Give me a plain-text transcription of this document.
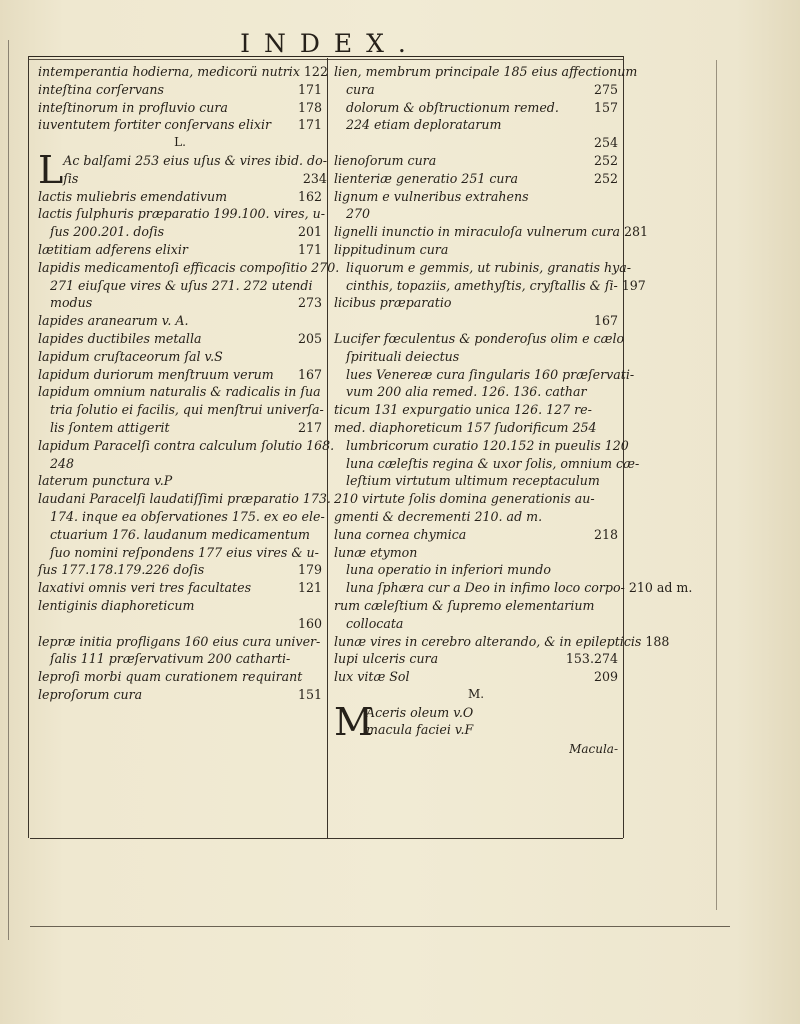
INDEX.
intemperantia hodierna, medicorü nutrix 122
inteſtina corſervans	171
inteſtinorum in profluvio cura	178
iuventutem fortiter conſervans elixir 171
L.
L Ac balſami 253 eius uſus & vires ibid. do-
ſis	234
lactis muliebris emendativum	162
lactis ſulphuris præparatio 199.100. vires, u-
ſus 200.201. doſis	201
lætitiam adferens elixir	171
lapidis medicamentoſi efficacis compoſitio 270.
271 eiuſque vires & uſus 271. 272 utendi
modus	273
lapides aranearum v. A.
lapides ductibiles metalla	205
lapidum cruſtaceorum ſal v.S
lapidum duriorum menſtruum verum 167
lapidum omnium naturalis & radicalis in ſua
tria ſolutio ei facilis, qui menſtrui univerſa-
lis ſontem attigerit	217
lapidum Paracelſi contra calculum ſolutio 168.
248
laterum punctura v.P
laudani Paracelſi laudatiſſimi præparatio 173.
174. inque ea obſervationes 175. ex eo ele-
ctuarium 176. laudanum medicamentum
ſuo nomini reſpondens 177 eius vires & u-
ſus 177.178.179.226 doſis	179
laxativi omnis veri tres facultates	121
lentiginis diaphoreticum
160
lepræ initia profligans 160 eius cura univer-
ſalis 111 præſervativum 200 catharti-
leproſi morbi quam curationem requirant
leproſorum cura	151
lien, membrum principale 185 eius affectionum
cura	275
dolorum & obſtructionum remed.	157
224 etiam deploratarum
254
lienoſorum cura	252
lienteriæ generatio 251 cura	252
lignum e vulneribus extrahens
270
lignelli inunctio in miraculoſa vulnerum cura 281
lippitudinum cura
liquorum e gemmis, ut rubinis, granatis hya-
cinthis, topaziis, amethyſtis, cryſtallis & ſi- 197
licibus præparatio
167
Lucifer fœculentus & ponderoſus olim e cælo
ſpirituali deiectus
lues Venereæ cura ſingularis 160 præſervati-
vum 200 alia remed. 126. 136. cathar
ticum 131 expurgatio unica 126. 127 re-
med. diaphoreticum 157 ſudorificum 254
lumbricorum curatio 120.152 in pueulis 120
luna cæleſtis regina & uxor ſolis, omnium cæ-
leſtium virtutum ultimum receptaculum
210 virtute ſolis domina generationis au-
gmenti & decrementi 210. ad m.
luna cornea chymica	218
lunæ etymon
luna operatio in inferiori mundo
luna ſphæra cur a Deo in infimo loco corpo- 210 ad m.
rum cæleſtium & ſupremo elementarium
collocata
lunæ vires in cerebro alterando, & in epilepticis 188
lupi ulceris cura	153.274
lux vitæ Sol	209
M.
M
Aceris oleum v.O
macula faciei v.F
Macula-
